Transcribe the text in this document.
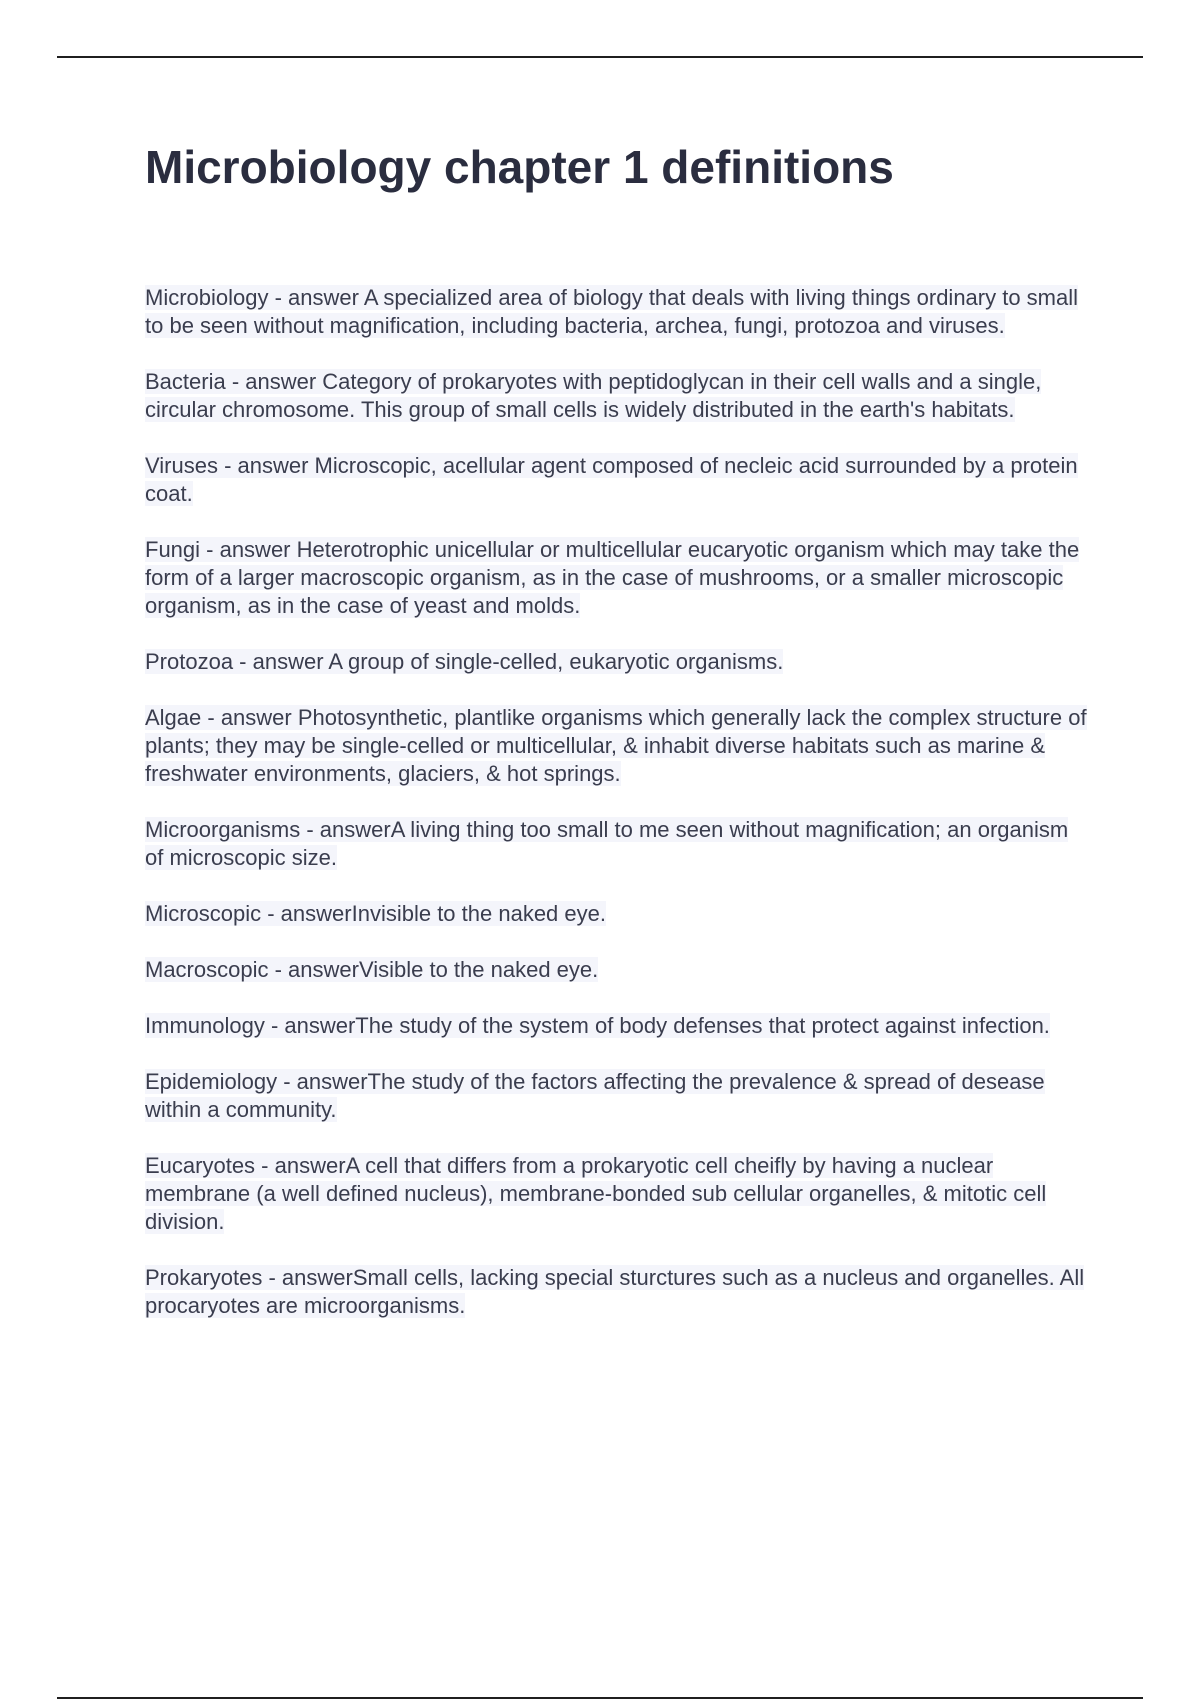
Microbiology chapter 1 definitions
Microbiology - answer A specialized area of biology that deals with living things ordinary to small to be seen without magnification, including bacteria, archea, fungi, protozoa and viruses.
Bacteria - answer Category of prokaryotes with peptidoglycan in their cell walls and a single, circular chromosome. This group of small cells is widely distributed in the earth's habitats.
Viruses - answer Microscopic, acellular agent composed of necleic acid surrounded by a protein coat.
Fungi - answer Heterotrophic unicellular or multicellular eucaryotic organism which may take the form of a larger macroscopic organism, as in the case of mushrooms, or a smaller microscopic organism, as in the case of yeast and molds.
Protozoa - answer A group of single-celled, eukaryotic organisms.
Algae - answer Photosynthetic, plantlike organisms which generally lack the complex structure of plants; they may be single-celled or multicellular, & inhabit diverse habitats such as marine & freshwater environments, glaciers, & hot springs.
Microorganisms - answerA living thing too small to me seen without magnification; an organism of microscopic size.
Microscopic - answerInvisible to the naked eye.
Macroscopic - answerVisible to the naked eye.
Immunology - answerThe study of the system of body defenses that protect against infection.
Epidemiology - answerThe study of the factors affecting the prevalence & spread of desease within a community.
Eucaryotes - answerA cell that differs from a prokaryotic cell cheifly by having a nuclear membrane (a well defined nucleus), membrane-bonded sub cellular organelles, & mitotic cell division.
Prokaryotes - answerSmall cells, lacking special sturctures such as a nucleus and organelles. All procaryotes are microorganisms.
